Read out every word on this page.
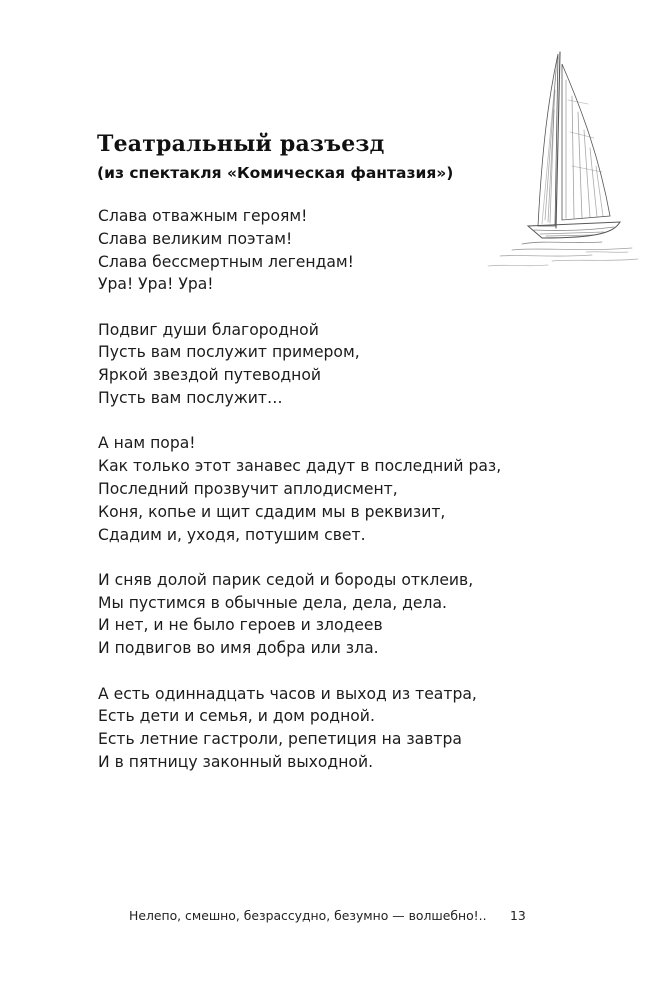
Театральный разъезд
(из спектакля «Комическая фантазия»)
Слава отважным героям!
Слава великим поэтам!
Слава бессмертным легендам!
Ура! Ура! Ура!
Подвиг души благородной
Пусть вам послужит примером,
Яркой звездой путеводной
Пусть вам послужит…
А нам пора!
Как только этот занавес дадут в последний раз,
Последний прозвучит аплодисмент,
Коня, копье и щит сдадим мы в реквизит,
Сдадим и, уходя, потушим свет.
И сняв долой парик седой и бороды отклеив,
Мы пустимся в обычные дела, дела, дела.
И нет, и не было героев и злодеев
И подвигов во имя добра или зла.
А есть одиннадцать часов и выход из театра,
Есть дети и семья, и дом родной.
Есть летние гастроли, репетиция на завтра
И в пятницу законный выходной.
Нелепо, смешно, безрассудно, безумно — волшебно!.. 13
